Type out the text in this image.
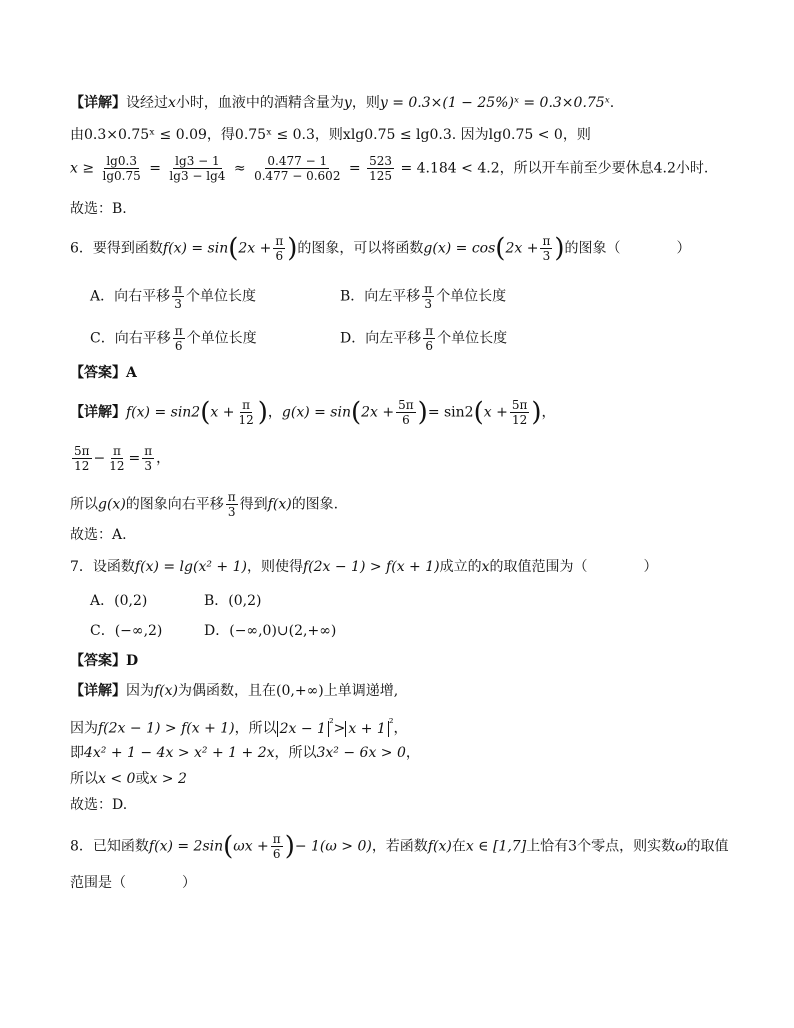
【详解】设经过x小时，血液中的酒精含量为y，则y = 0.3×(1 − 25%)ˣ = 0.3×0.75ˣ.
由0.3×0.75ˣ ≤ 0.09，得0.75ˣ ≤ 0.3，则xlg0.75 ≤ lg0.3. 因为lg0.75 < 0，则
$x \ge \frac{\lg 0.3}{\lg 0.75} = \frac{\lg 3 - 1}{\lg 3 - \lg 4} \approx \frac{0.477 - 1}{0.477 - 0.602} = \frac{523}{125} = 4.184 < 4.2$，所以开车前至少要休息4.2小时.
故选：B.
6．要得到函数$f(x) = \sin(2x + \frac{\pi}{6}$ )的图象，可以将函数$g(x) = \cos(2x + \frac{\pi}{3}$ )的图象（　　　　）
A．向右平移 $\frac{\pi}{3}$ 个单位长度	B．向左平移 $\frac{\pi}{3}$ 个单位长度
C．向右平移 $\frac{\pi}{6}$ 个单位长度	D．向左平移 $\frac{\pi}{6}$ 个单位长度
【答案】A
【详解】$f(x) = \sin 2(x + \frac{\pi}{12}$ )，$g(x) = \sin(2x + \frac{5\pi}{6}$ )= $\sin 2(x + \frac{5\pi}{12}$ )，
$\frac{5\pi}{12} - \frac{\pi}{12} = \frac{\pi}{3}$ ，
所以g(x)的图象向右平移 $\frac{\pi}{3}$ 得到f(x)的图象.
故选：A.
7．设函数f(x) = lg(x² + 1)，则使得f(2x − 1) > f(x + 1)成立的x的取值范围为（　　　　）
A．(0,2)	B．(0,2)
C．(−∞,2)	D．(−∞,0)∪(2,+∞)
【答案】D
【详解】因为f(x)为偶函数，且在(0,+∞)上单调递增,
因为f(2x − 1) > f(x + 1)，所以 2x − 1 $^{^2}$> x + 1 $^{^2}$，
即4x² + 1 − 4x > x² + 1 + 2x，所以3x² − 6x > 0，
所以x < 0或x > 2
故选：D.
8．已知函数$f(x) = 2\sin(\omega x + \frac{\pi}{6}$ )− 1(ω > 0)，若函数f(x)在x ∈ [1,7]上恰有3个零点，则实数ω的取值
范围是（　　　　）
